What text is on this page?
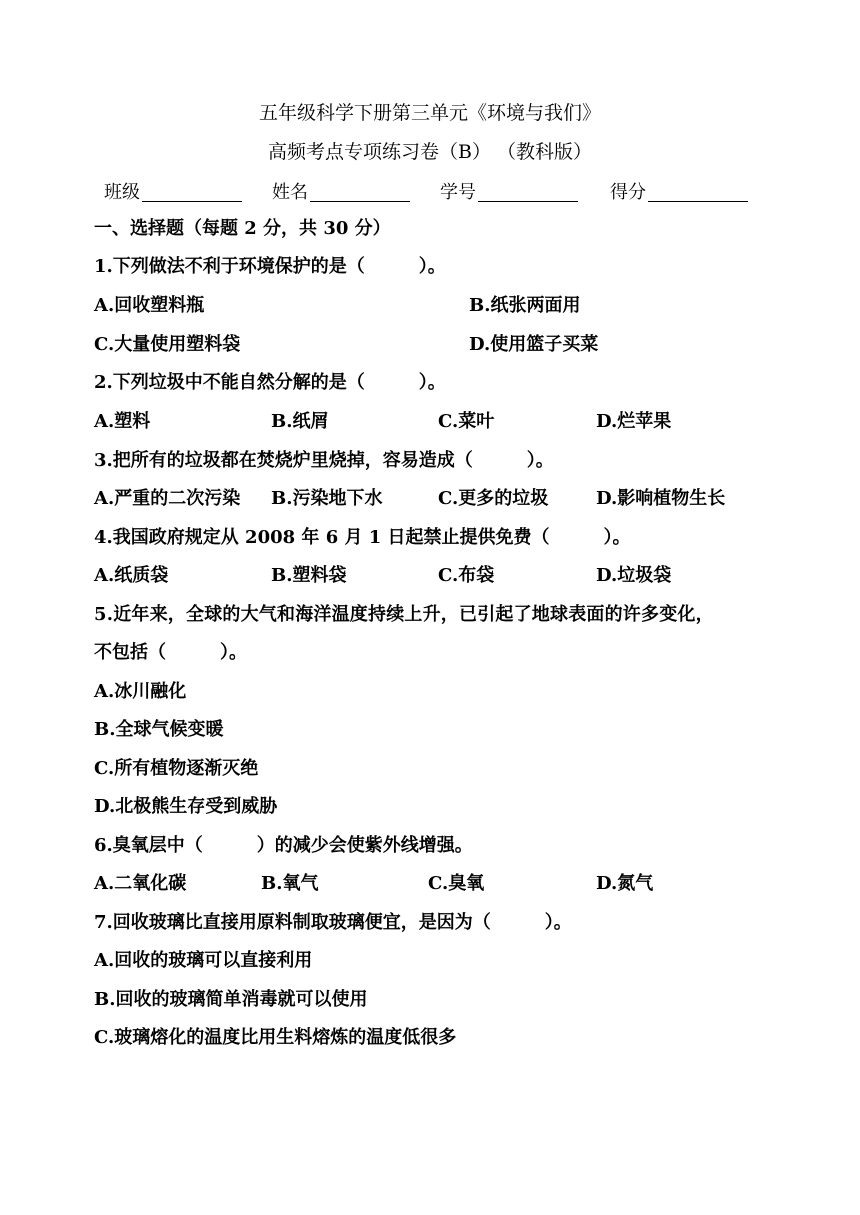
五年级科学下册第三单元《环境与我们》
高频考点专项练习卷（B） （教科版）
班级	姓名	学号	得分
一、选择题（每题 2 分，共 30 分）
1.下列做法不利于环境保护的是（　　　）。
A.回收塑料瓶	B.纸张两面用
C.大量使用塑料袋	D.使用篮子买菜
2.下列垃圾中不能自然分解的是（　　　）。
A.塑料	B.纸屑	C.菜叶	D.烂苹果
3.把所有的垃圾都在焚烧炉里烧掉，容易造成（　　　）。
A.严重的二次污染 B.污染地下水	C.更多的垃圾	D.影响植物生长
4.我国政府规定从 2008 年 6 月 1 日起禁止提供免费（　　　）。
A.纸质袋	B.塑料袋	C.布袋	D.垃圾袋
5.近年来，全球的大气和海洋温度持续上升，已引起了地球表面的许多变化，
不包括（　　　）。
A.冰川融化
B.全球气候变暖
C.所有植物逐渐灭绝
D.北极熊生存受到威胁
6.臭氧层中（　　　）的减少会使紫外线增强。
A.二氧化碳	B.氧气	C.臭氧	D.氮气
7.回收玻璃比直接用原料制取玻璃便宜，是因为（　　　）。
A.回收的玻璃可以直接利用
B.回收的玻璃简单消毒就可以使用
C.玻璃熔化的温度比用生料熔炼的温度低很多
